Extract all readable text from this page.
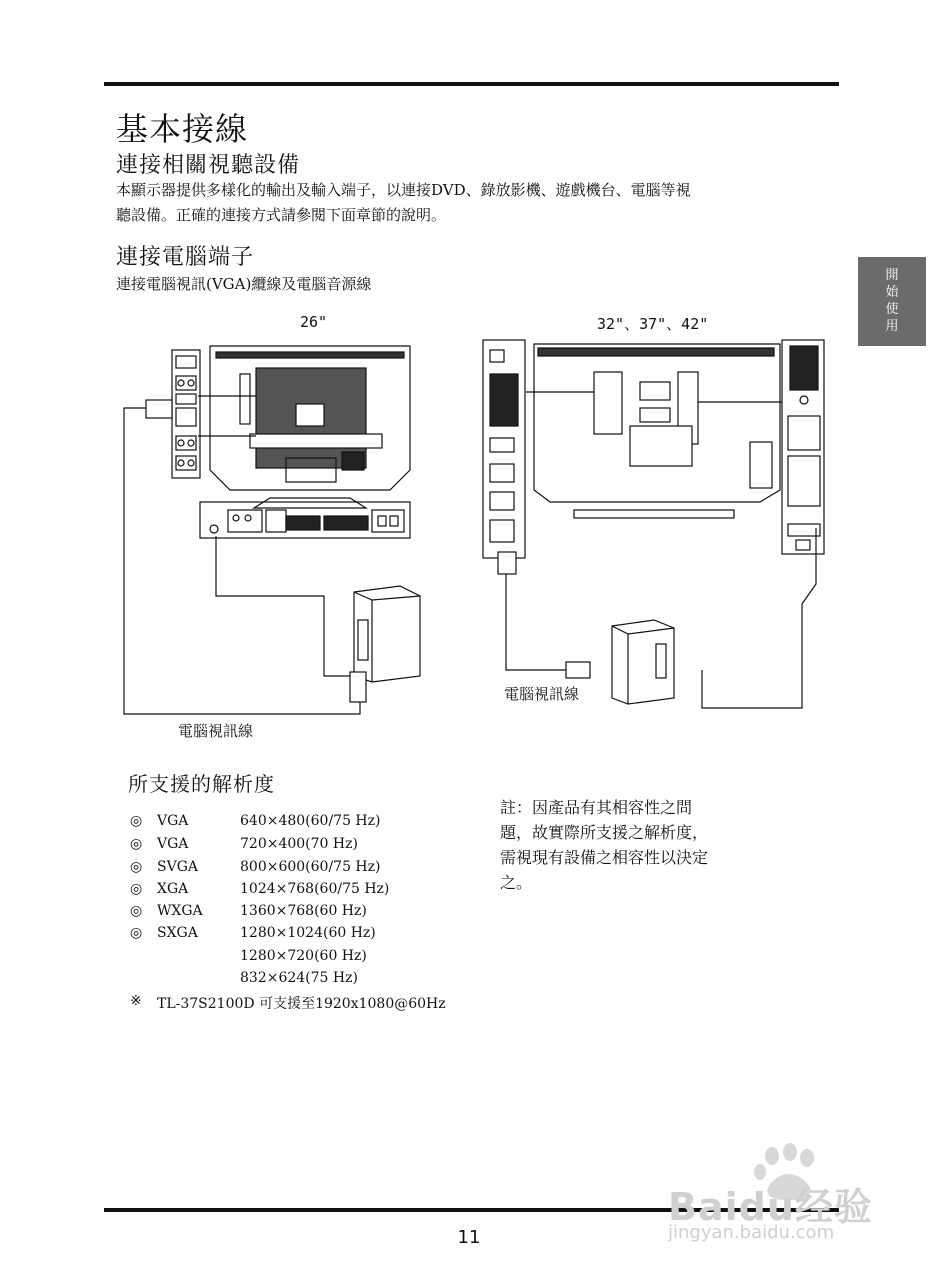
基本接線
連接相關視聽設備
本顯示器提供多樣化的輸出及輸入端子，以連接DVD、錄放影機、遊戲機台、電腦等視
聽設備。正確的連接方式請參閱下面章節的說明。
連接電腦端子
連接電腦視訊(VGA)纜線及電腦音源線	開
始
使
用
26"	32"、37"、42"
電腦視訊線
電腦視訊線
所支援的解析度

◎ VGA	640×480(60/75 Hz)

◎ VGA	720×400(70 Hz)

◎ SVGA	800×600(60/75 Hz)

◎ XGA	1024×768(60/75 Hz)

◎ WXGA	1360×768(60 Hz)

◎ SXGA	1280×1024(60 Hz)

1280×720(60 Hz)

832×624(75 Hz)

※ TL-37S2100D 可支援至1920x1080@60Hz

註：因產品有其相容性之問
題，故實際所支援之解析度，
需視現有設備之相容性以決定
之。
11
Baidu经验
jingyan.baidu.com
